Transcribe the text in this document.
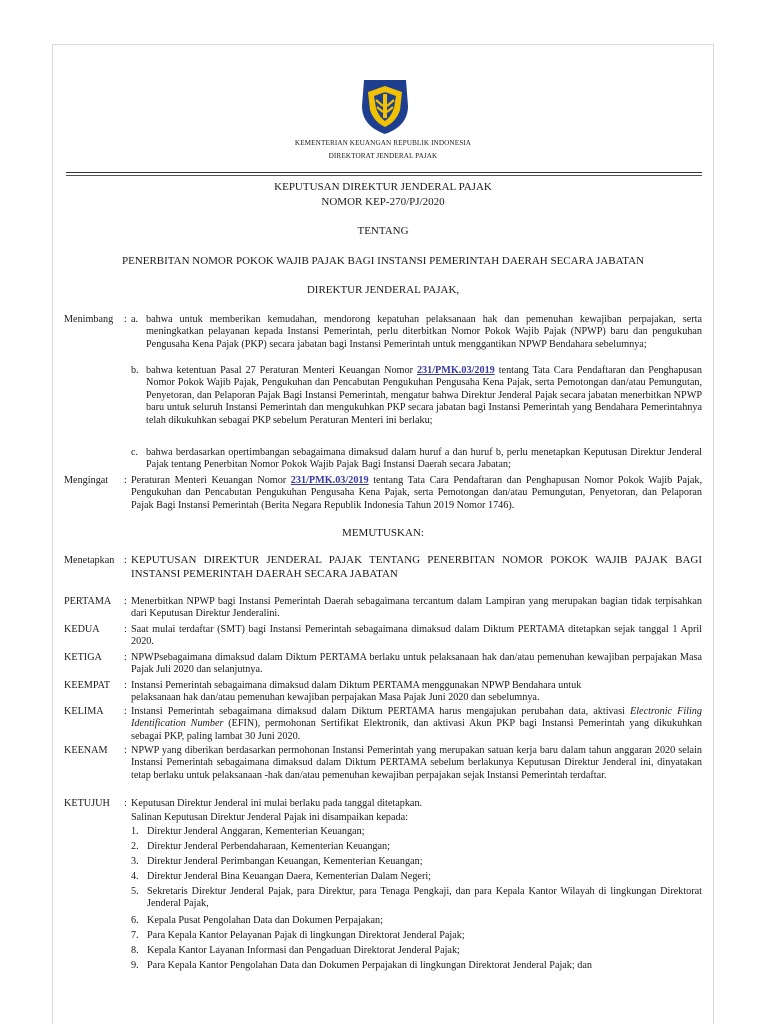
KEMENTERIAN KEUANGAN REPUBLIK INDONESIA
DIREKTORAT JENDERAL PAJAK
KEPUTUSAN DIREKTUR JENDERAL PAJAK
NOMOR KEP-270/PJ/2020
TENTANG
PENERBITAN NOMOR POKOK WAJIB PAJAK BAGI INSTANSI PEMERINTAH DAERAH SECARA JABATAN
DIREKTUR JENDERAL PAJAK,
Menimbang	: a. bahwa untuk memberikan kemudahan, mendorong kepatuhan pelaksanaan hak dan pemenuhan kewajiban perpajakan, serta meningkatkan pelayanan kepada Instansi Pemerintah, perlu diterbitkan Nomor Pokok Wajib Pajak (NPWP) baru dan pengukuhan Pengusaha Kena Pajak (PKP) secara jabatan bagi Instansi Pemerintah untuk menggantikan NPWP Bendahara sebelumnya;
b. bahwa ketentuan Pasal 27 Peraturan Menteri Keuangan Nomor 231/PMK.03/2019 tentang Tata Cara Pendaftaran dan Penghapusan Nomor Pokok Wajib Pajak, Pengukuhan dan Pencabutan Pengukuhan Pengusaha Kena Pajak, serta Pemotongan dan/atau Pemungutan, Penyetoran, dan Pelaporan Pajak Bagi Instansi Pemerintah, mengatur bahwa Direktur Jenderal Pajak secara jabatan menerbitkan NPWP baru untuk seluruh Instansi Pemerintah dan mengukuhkan PKP secara jabatan bagi Instansi Pemerintah yang Bendahara Pemerintahnya telah dikukuhkan sebagai PKP sebelum Peraturan Menteri ini berlaku;
c. bahwa berdasarkan opertimbangan sebagaimana dimaksud dalam huruf a dan huruf b, perlu menetapkan Keputusan Direktur Jenderal Pajak tentang Penerbitan Nomor Pokok Wajib Pajak Bagi Instansi Daerah secara Jabatan;
Mengingat	: Peraturan Menteri Keuangan Nomor 231/PMK.03/2019 tentang Tata Cara Pendaftaran dan Penghapusan Nomor Pokok Wajib Pajak, Pengukuhan dan Pencabutan Pengukuhan Pengusaha Kena Pajak, serta Pemotongan dan/atau Pemungutan, Penyetoran, dan Pelaporan Pajak Bagi Instansi Pemerintah (Berita Negara Republik Indonesia Tahun 2019 Nomor 1746).
MEMUTUSKAN:
Menetapkan : KEPUTUSAN DIREKTUR JENDERAL PAJAK TENTANG PENERBITAN NOMOR POKOK WAJIB PAJAK BAGI INSTANSI PEMERINTAH DAERAH SECARA JABATAN
PERTAMA	: Menerbitkan NPWP bagi Instansi Pemerintah Daerah sebagaimana tercantum dalam Lampiran yang merupakan bagian tidak terpisahkan dari Keputusan Direktur Jenderalini.
KEDUA	: Saat mulai terdaftar (SMT) bagi Instansi Pemerintah sebagaimana dimaksud dalam Diktum PERTAMA ditetapkan sejak tanggal 1 April 2020.
KETIGA	: NPWPsebagaimana dimaksud dalam Diktum PERTAMA berlaku untuk pelaksanaan hak dan/atau pemenuhan kewajiban perpajakan Masa Pajak Juli 2020 dan selanjutnya.
KEEMPAT	: Instansi Pemerintah sebagaimana dimaksud dalam Diktum PERTAMA menggunakan NPWP Bendahara untuk
pelaksanaan hak dan/atau pemenuhan kewajiban perpajakan Masa Pajak Juni 2020 dan sebelumnya.
KELIMA	: Instansi Pemerintah sebagaimana dimaksud dalam Diktum PERTAMA harus mengajukan perubahan data, aktivasi Electronic Filing Identification Number (EFIN), permohonan Sertifikat Elektronik, dan aktivasi Akun PKP bagi Instansi Pemerintah yang dikukuhkan sebagai PKP, paling lambat 30 Juni 2020.
KEENAM	: NPWP yang diberikan berdasarkan permohonan Instansi Pemerintah yang merupakan satuan kerja baru dalam tahun anggaran 2020 selain Instansi Pemerintah sebagaimana dimaksud dalam Diktum PERTAMA sebelum berlakunya Keputusan Direktur Jenderal ini, dinyatakan tetap berlaku untuk pelaksanaan -hak dan/atau pemenuhan kewajiban perpajakan sejak Instansi Pemerintah terdaftar.
KETUJUH	: Keputusan Direktur Jenderal ini mulai berlaku pada tanggal ditetapkan.
Salinan Keputusan Direktur Jenderal Pajak ini disampaikan kepada:
1. Direktur Jenderal Anggaran, Kementerian Keuangan;
2. Direktur Jenderal Perbendaharaan, Kementerian Keuangan;
3. Direktur Jenderal Perimbangan Keuangan, Kementerian Keuangan;
4. Direktur Jenderal Bina Keuangan Daera, Kementerian Dalam Negeri;
5. Sekretaris Direktur Jenderal Pajak, para Direktur, para Tenaga Pengkaji, dan para Kepala Kantor Wilayah di lingkungan Direktorat Jenderal Pajak,
6. Kepala Pusat Pengolahan Data dan Dokumen Perpajakan;
7. Para Kepala Kantor Pelayanan Pajak di lingkungan Direktorat Jenderal Pajak;
8. Kepala Kantor Layanan Informasi dan Pengaduan Direktorat Jenderal Pajak;
9. Para Kepala Kantor Pengolahan Data dan Dokumen Perpajakan di lingkungan Direktorat Jenderal Pajak; dan
